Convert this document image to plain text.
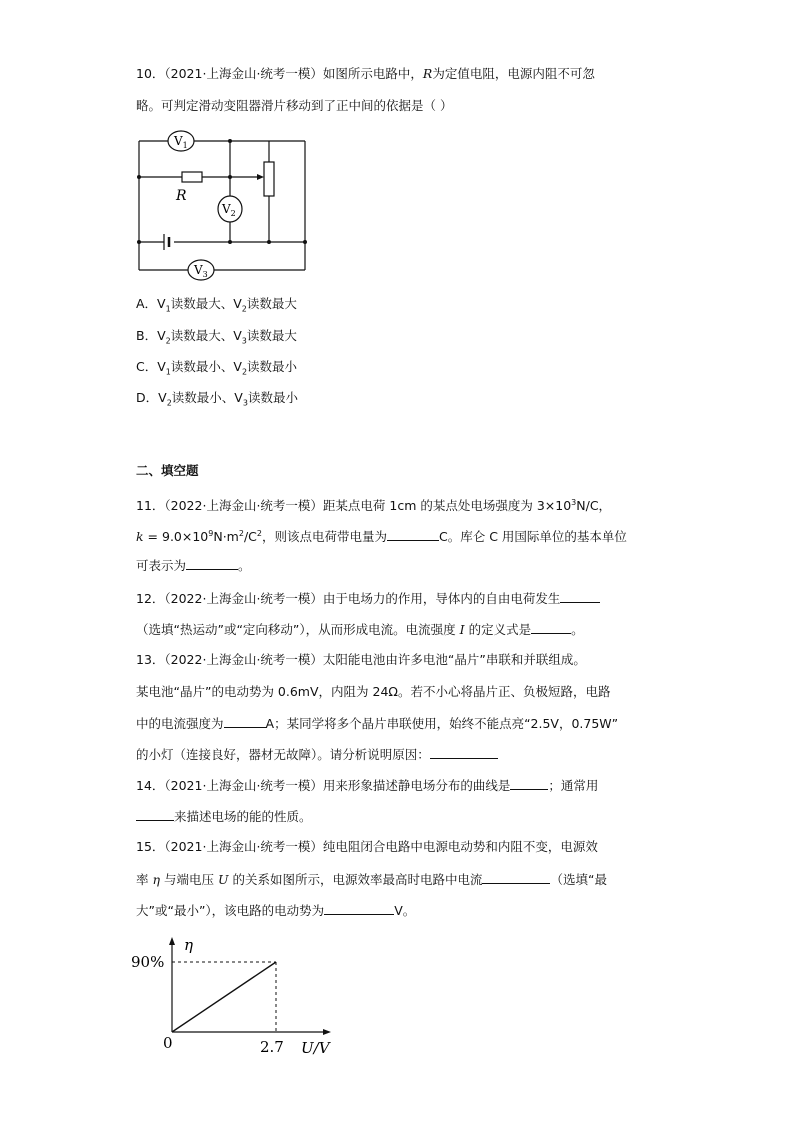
10．（2021·上海金山·统考一模）如图所示电路中，R为定值电阻，电源内阻不可忽
略。可判定滑动变阻器滑片移动到了正中间的依据是（ ）
$V_1$
$V_2$
$V_3$
R
A．$V_1$读数最大、$V_2$读数最大
B．$V_2$读数最大、$V_3$读数最大
C．$V_1$读数最小、$V_2$读数最小
D．$V_2$读数最小、$V_3$读数最小
二、填空题
11．（2022·上海金山·统考一模）距某点电荷 1cm 的某点处电场强度为 $3\times 10^3N/C$，
$k = 9.0\times 10^9N\cdot m^2/C^2$，则该点电荷带电量为	C。库仑 C 用国际单位的基本单位
可表示为	。
12．（2022·上海金山·统考一模）由于电场力的作用，导体内的自由电荷发生
（选填“热运动”或“定向移动”），从而形成电流。电流强度 I 的定义式是	。
13．（2022·上海金山·统考一模）太阳能电池由许多电池“晶片”串联和并联组成。
某电池“晶片”的电动势为 0.6mV，内阻为 24Ω。若不小心将晶片正、负极短路，电路
中的电流强度为	A；某同学将多个晶片串联使用，始终不能点亮“2.5V，0.75W”
的小灯（连接良好，器材无故障）。请分析说明原因：
14．（2021·上海金山·统考一模）用来形象描述静电场分布的曲线是	；通常用
来描述电场的能的性质。
15．（2021·上海金山·统考一模）纯电阻闭合电路中电源电动势和内阻不变，电源效
率 η 与端电压 U 的关系如图所示，电源效率最高时电路中电流	（选填“最
大”或“最小”），该电路的电动势为	V。
η
U/V
90%
2.7
0
